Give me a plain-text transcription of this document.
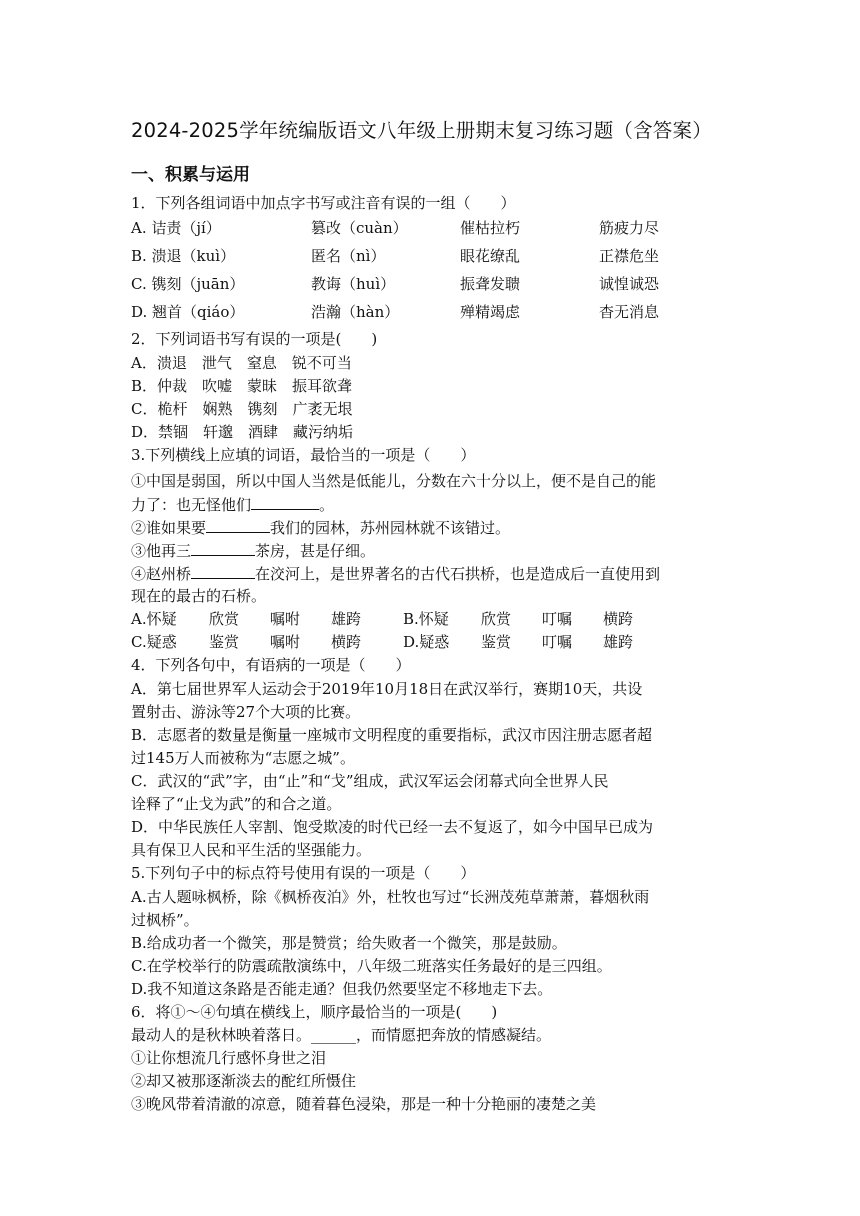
2024-2025学年统编版语文八年级上册期末复习练习题（含答案）
一、积累与运用
1．下列各组词语中加点字书写或注音有误的一组（　　）
A. 诘责（jí）	篡改（cuàn）	催枯拉朽	筋疲力尽
B. 溃退（kuì）	匿名（nì）	眼花缭乱	正襟危坐
C. 镌刻（juān）	教诲（huì）	振聋发聩	诚惶诚恐
D. 翘首（qiáo）	浩瀚（hàn）	殚精竭虑	杳无消息
2．下列词语书写有误的一项是(　　)
A．溃退　泄气　窒息　锐不可当
B．仲裁　吹嘘　蒙昧　振耳欲聋
C．桅杆　娴熟　镌刻　广袤无垠
D．禁锢　轩邈　酒肆　藏污纳垢
3.下列横线上应填的词语，最恰当的一项是（　　）
①中国是弱国，所以中国人当然是低能儿，分数在六十分以上，便不是自己的能
力了：也无怪他们	。
②谁如果要	我们的园林，苏州园林就不该错过。
③他再三	茶房，甚是仔细。
④赵州桥	在洨河上，是世界著名的古代石拱桥，也是造成后一直使用到
现在的最古的石桥。
A.怀疑 欣赏 嘱咐 雄跨	B.怀疑 欣赏 叮嘱 横跨
C.疑惑 鉴赏 嘱咐 横跨	D.疑惑 鉴赏 叮嘱 雄跨
4．下列各句中，有语病的一项是（　　）
A．第七届世界军人运动会于2019年10月18日在武汉举行，赛期10天，共设
置射击、游泳等27个大项的比赛。
B．志愿者的数量是衡量一座城市文明程度的重要指标，武汉市因注册志愿者超
过145万人而被称为“志愿之城”。
C．武汉的“武”字，由“止”和“戈”组成，武汉军运会闭幕式向全世界人民
诠释了“止戈为武”的和合之道。
D．中华民族任人宰割、饱受欺凌的时代已经一去不复返了，如今中国早已成为
具有保卫人民和平生活的坚强能力。
5.下列句子中的标点符号使用有误的一项是（　　）
A.古人题咏枫桥，除《枫桥夜泊》外，杜牧也写过“长洲茂苑草萧萧，暮烟秋雨
过枫桥”。
B.给成功者一个微笑，那是赞赏；给失败者一个微笑，那是鼓励。
C.在学校举行的防震疏散演练中，八年级二班落实任务最好的是三四组。
D.我不知道这条路是否能走通？但我仍然要坚定不移地走下去。
6．将①～④句填在横线上，顺序最恰当的一项是(　　)
最动人的是秋林映着落日。______，而情愿把奔放的情感凝结。
①让你想流几行感怀身世之泪
②却又被那逐渐淡去的酡红所慑住
③晚风带着清澈的凉意，随着暮色浸染，那是一种十分艳丽的凄楚之美
